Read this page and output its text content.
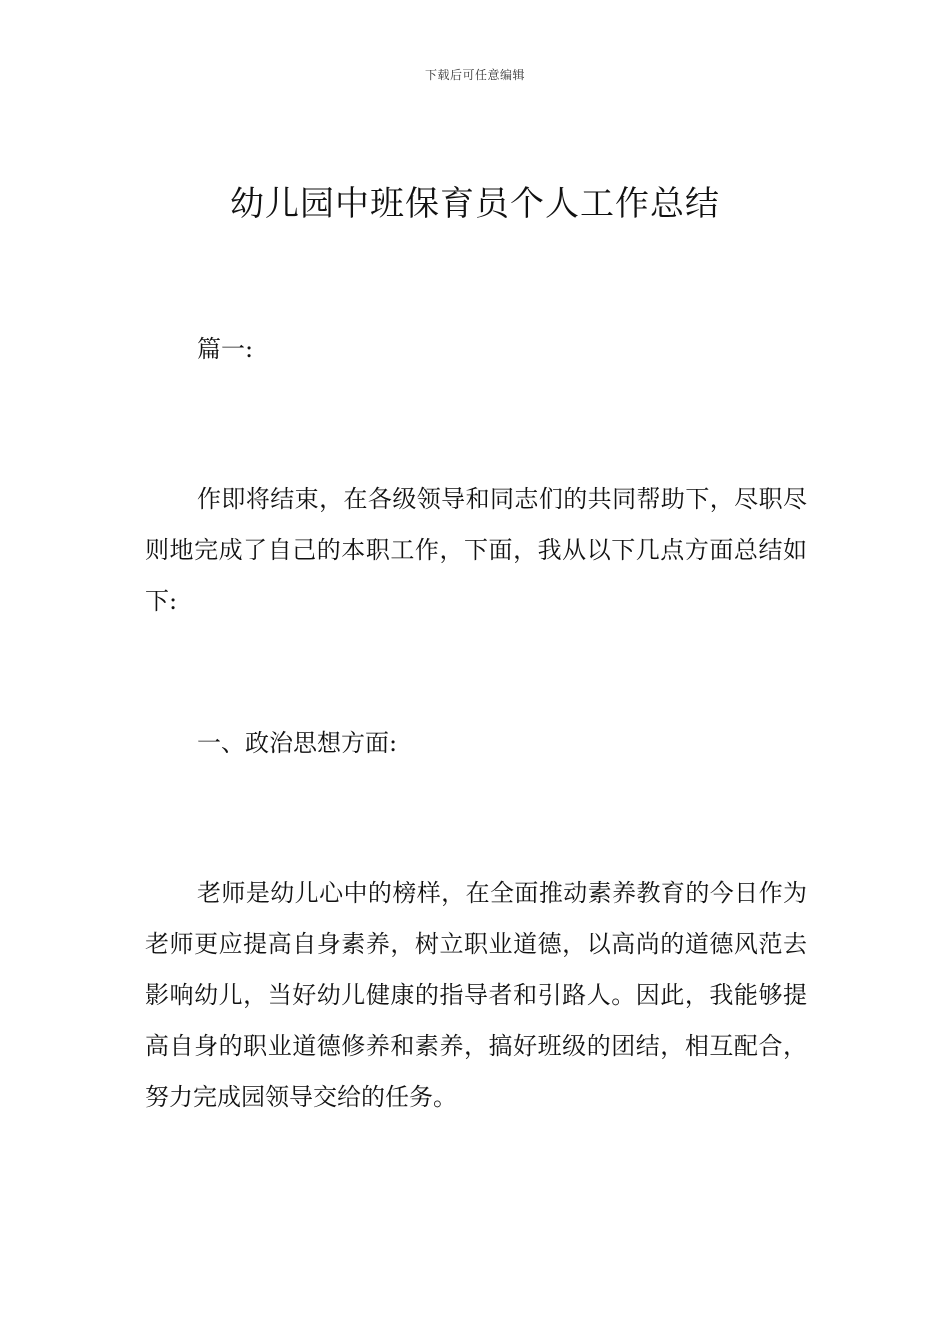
下载后可任意编辑
幼儿园中班保育员个人工作总结

篇一:

作即将结束，在各级领导和同志们的共同帮助下，尽职尽则地完成了自己的本职工作，下面，我从以下几点方面总结如下:

一、政治思想方面:

老师是幼儿心中的榜样，在全面推动素养教育的今日作为老师更应提高自身素养，树立职业道德，以高尚的道德风范去影响幼儿，当好幼儿健康的指导者和引路人。因此，我能够提高自身的职业道德修养和素养，搞好班级的团结，相互配合，努力完成园领导交给的任务。
